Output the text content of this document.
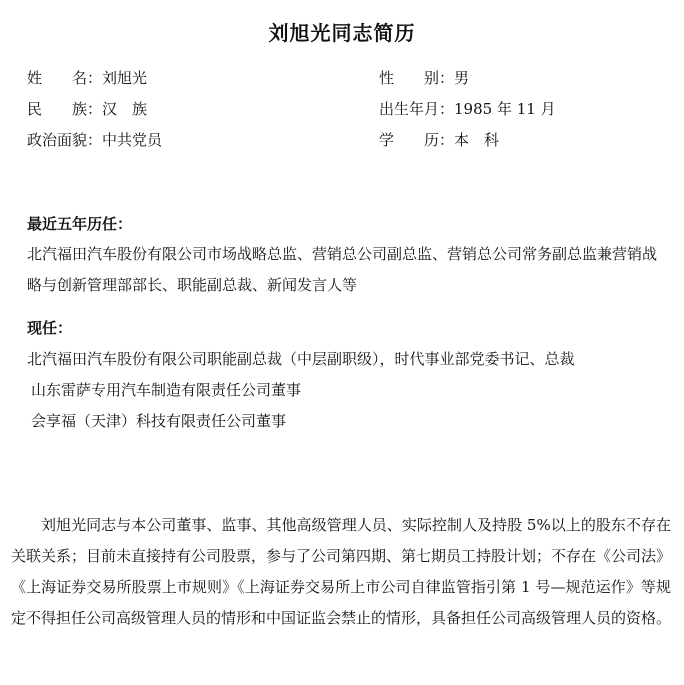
刘旭光同志简历
姓　　名：刘旭光	性　　别：男
民　　族：汉　族	出生年月：1985 年 11 月
政治面貌：中共党员	学　　历：本　科
最近五年历任：

北汽福田汽车股份有限公司市场战略总监、营销总公司副总监、营销总公司常务副总监兼营销战略与创新管理部部长、职能副总裁、新闻发言人等

现任：
北汽福田汽车股份有限公司职能副总裁（中层副职级），时代事业部党委书记、总裁
山东雷萨专用汽车制造有限责任公司董事
会享福（天津）科技有限责任公司董事

刘旭光同志与本公司董事、监事、其他高级管理人员、实际控制人及持股 5%以上的股东不存在关联关系；目前未直接持有公司股票，参与了公司第四期、第七期员工持股计划；不存在《公司法》《上海证券交易所股票上市规则》《上海证券交易所上市公司自律监管指引第 1 号—规范运作》等规定不得担任公司高级管理人员的情形和中国证监会禁止的情形，具备担任公司高级管理人员的资格。
